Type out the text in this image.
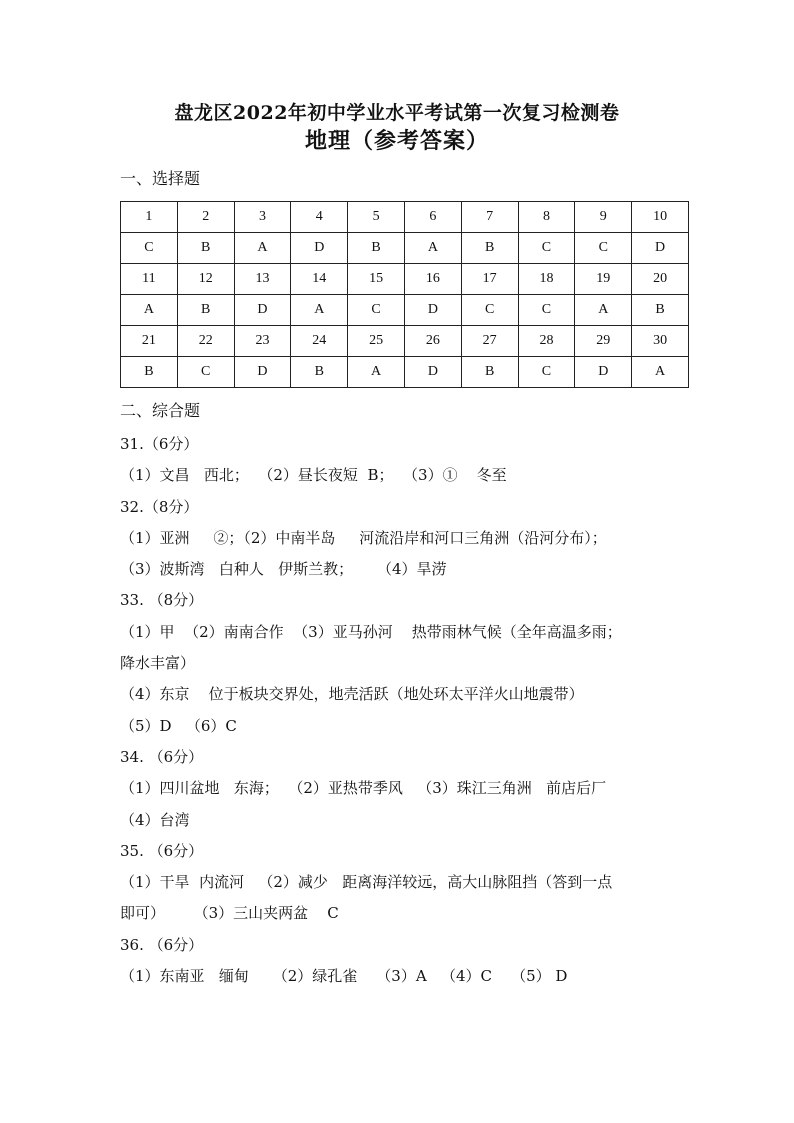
盘龙区2022年初中学业水平考试第一次复习检测卷
地理（参考答案）
一、选择题
1	2	3	4	5	6	7	8	9	10
C	B	A	D	B	A	B	C	C	D
11	12	13	14	15	16	17	18	19	20
A	B	D	A	C	D	C	C	A	B
21	22	23	24	25	26	27	28	29	30
B	C	D	B	A	D	B	C	D	A
二、综合题
31.（6分）
（1）文昌   西北；  （2）昼长夜短  B；  （3）①    冬至
32.（8分）
（1）亚洲     ②；（2）中南半岛     河流沿岸和河口三角洲（沿河分布）；
（3）波斯湾   白种人   伊斯兰教；     （4）旱涝
33. （8分）
（1）甲  （2）南南合作  （3）亚马孙河    热带雨林气候（全年高温多雨；
降水丰富）
（4）东京    位于板块交界处，地壳活跃（地处环太平洋火山地震带）
（5）D   （6）C
34. （6分）
（1）四川盆地   东海；  （2）亚热带季风   （3）珠江三角洲   前店后厂
（4）台湾
35. （6分）
（1）干旱  内流河   （2）减少   距离海洋较远，高大山脉阻挡（答到一点
即可）      （3）三山夹两盆    C
36. （6分）
（1）东南亚   缅甸     （2）绿孔雀    （3）A   （4）C    （5） D
